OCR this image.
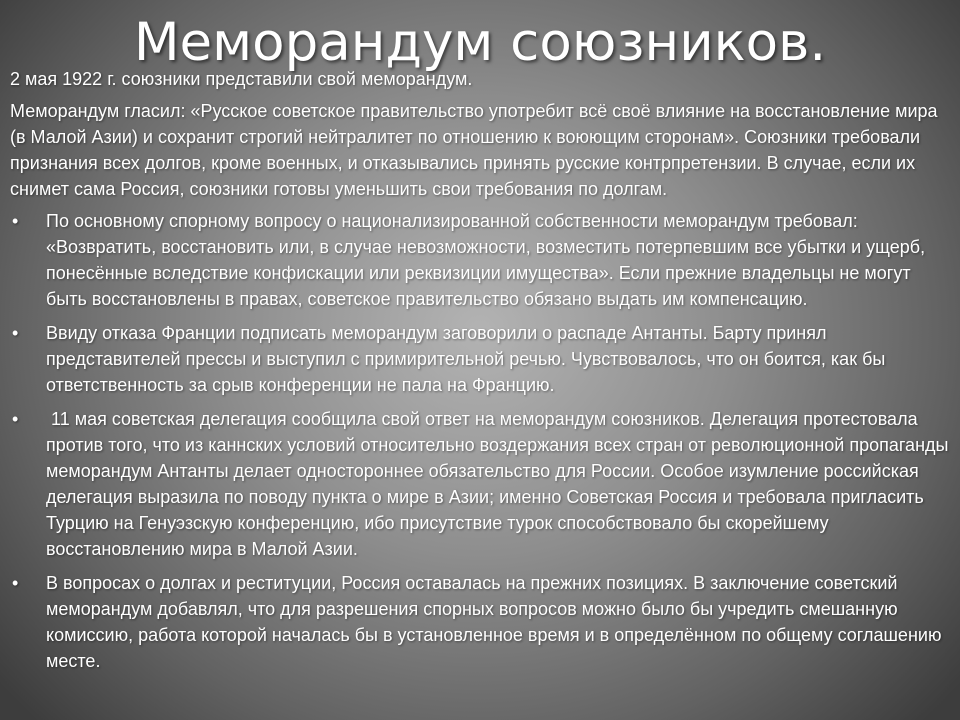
Меморандум союзников.

2 мая 1922 г. союзники представили свой меморандум.

Меморандум гласил: «Русское советское правительство употребит всё своё влияние на восстановление мира (в Малой Азии) и сохранит строгий нейтралитет по отношению к воюющим сторонам». Союзники требовали признания всех долгов, кроме военных, и отказывались принять русские контрпретензии. В случае, если их снимет сама Россия, союзники готовы уменьшить свои требования по долгам.

• По основному спорному вопросу о национализированной собственности меморандум требовал: «Возвратить, восстановить или, в случае невозможности, возместить потерпевшим все убытки и ущерб, понесённые вследствие конфискации или реквизиции имущества». Если прежние владельцы не могут быть восстановлены в правах, советское правительство обязано выдать им компенсацию.
• Ввиду отказа Франции подписать меморандум заговорили о распаде Антанты. Барту принял представителей прессы и выступил с примирительной речью. Чувствовалось, что он боится, как бы ответственность за срыв конференции не пала на Францию.
• 11 мая советская делегация сообщила свой ответ на меморандум союзников. Делегация протестовала против того, что из каннских условий относительно воздержания всех стран от революционной пропаганды меморандум Антанты делает одностороннее обязательство для России. Особое изумление российская делегация выразила по поводу пункта о мире в Азии; именно Советская Россия и требовала пригласить Турцию на Генуэзскую конференцию, ибо присутствие турок способствовало бы скорейшему восстановлению мира в Малой Азии.
• В вопросах о долгах и реституции, Россия оставалась на прежних позициях. В заключение советский меморандум добавлял, что для разрешения спорных вопросов можно было бы учредить смешанную комиссию, работа которой началась бы в установленное время и в определённом по общему соглашению месте.
